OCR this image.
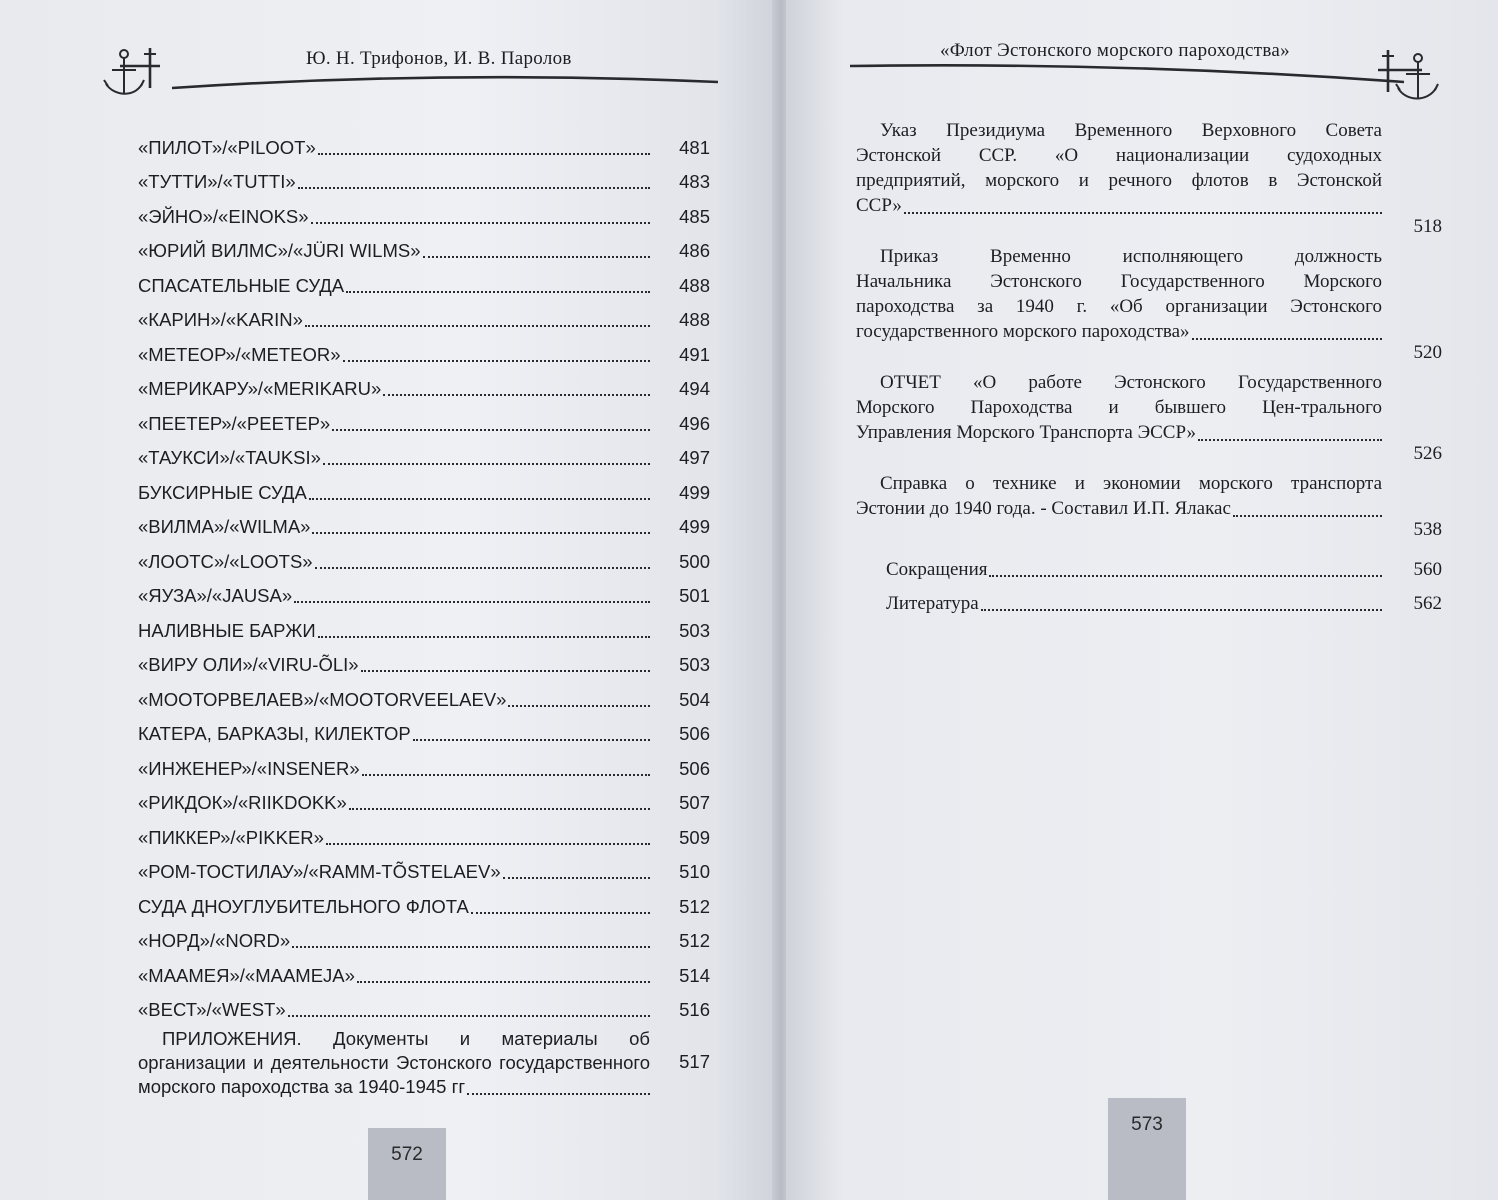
Ю. Н. Трифонов, И. В. Паролов
«ПИЛОТ»/«PILOOT»	481
«ТУТТИ»/«TUTTI»	483
«ЭЙНО»/«EINOKS»	485
«ЮРИЙ ВИЛМС»/«JÜRI WILMS»	486
СПАСАТЕЛЬНЫЕ СУДА	488
«КАРИН»/«KARIN»	488
«МЕТЕОР»/«METEOR»	491
«МЕРИКАРУ»/«MERIKARU»	494
«ПЕЕТЕР»/«PEETEP»	496
«ТАУКСИ»/«TAUKSI»	497
БУКСИРНЫЕ СУДА	499
«ВИЛМА»/«WILMA»	499
«ЛООТС»/«LOOTS»	500
«ЯУЗА»/«JAUSA»	501
НАЛИВНЫЕ БАРЖИ	503
«ВИРУ ОЛИ»/«VIRU-ÕLI»	503
«МООТОРВЕЛАЕВ»/«MOOTORVEELAEV»	504
КАТЕРА, БАРКАЗЫ, КИЛЕКТОР	506
«ИНЖЕНЕР»/«INSENER»	506
«РИКДОК»/«RIIKDOKK»	507
«ПИККЕР»/«PIKKER»	509
«РОМ-ТОСТИЛАУ»/«RAMM-TÕSTELAEV»	510
СУДА ДНОУГЛУБИТЕЛЬНОГО ФЛОТА	512
«НОРД»/«NORD»	512
«МААМЕЯ»/«MAAMEJA»	514
«ВЕСТ»/«WEST»	516
ПРИЛОЖЕНИЯ. Документы и материалы об
организации и деятельности Эстонского государственного
морского пароходства за 1940-1945 гг
517
572
«Флот Эстонского морского пароходства»
Указ Президиума Временного Верховного Совета
Эстонской ССР. «О национализации судоходных
предприятий, морского и речного флотов в Эстонской
ССР»
518
Приказ Временно исполняющего должность
Начальника Эстонского Государственного Морского
пароходства за 1940 г. «Об организации Эстонского
государственного морского пароходства»
520
ОТЧЕТ «О работе Эстонского Государственного
Морского Пароходства и бывшего Цен-трального
Управления Морского Транспорта ЭССР»
526
Справка о технике и экономии морского транспорта
Эстонии до 1940 года. - Составил И.П. Ялакас
538
Сокращения	560
Литература	562
573
